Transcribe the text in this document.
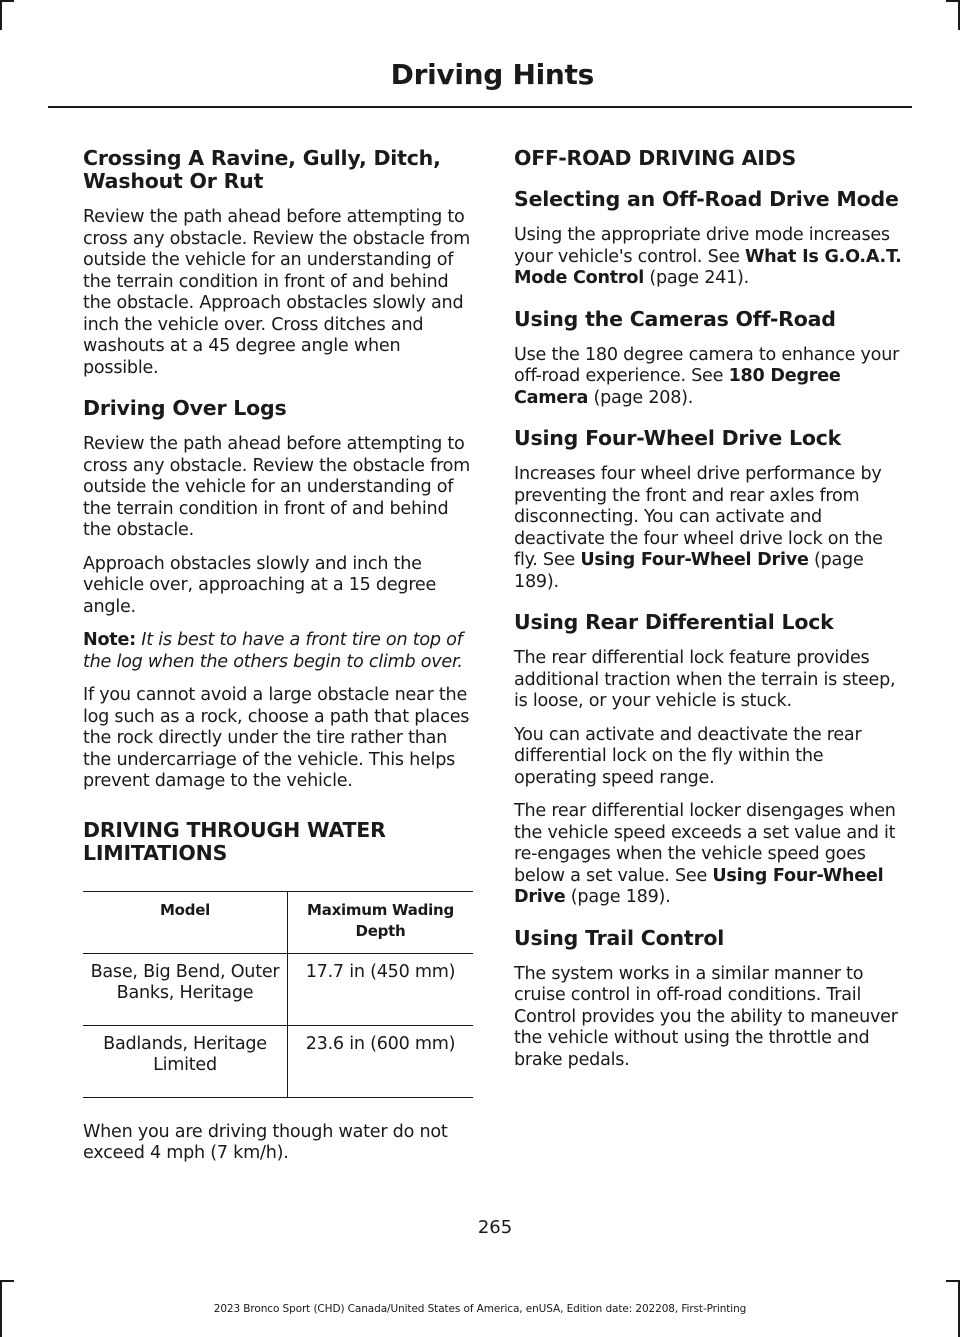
Driving Hints
Crossing A Ravine, Gully, Ditch, Washout Or Rut

Review the path ahead before attempting to cross any obstacle. Review the obstacle from outside the vehicle for an understanding of the terrain condition in front of and behind the obstacle. Approach obstacles slowly and inch the vehicle over. Cross ditches and washouts at a 45 degree angle when possible.

Driving Over Logs

Review the path ahead before attempting to cross any obstacle. Review the obstacle from outside the vehicle for an understanding of the terrain condition in front of and behind the obstacle.

Approach obstacles slowly and inch the vehicle over, approaching at a 15 degree angle.

Note: It is best to have a front tire on top of the log when the others begin to climb over.

If you cannot avoid a large obstacle near the log such as a rock, choose a path that places the rock directly under the tire rather than the undercarriage of the vehicle. This helps prevent damage to the vehicle.

DRIVING THROUGH WATER LIMITATIONS
Model	Maximum Wading Depth
Base, Big Bend, Outer Banks, Heritage	17.7 in (450 mm)
Badlands, Heritage Limited	23.6 in (600 mm)

When you are driving though water do not exceed 4 mph (7 km/h).

OFF-ROAD DRIVING AIDS
Selecting an Off-Road Drive Mode

Using the appropriate drive mode increases your vehicle's control. See What Is G.O.A.T. Mode Control (page 241).

Using the Cameras Off-Road

Use the 180 degree camera to enhance your off-road experience. See 180 Degree Camera (page 208).

Using Four-Wheel Drive Lock

Increases four wheel drive performance by preventing the front and rear axles from disconnecting. You can activate and deactivate the four wheel drive lock on the fly. See Using Four-Wheel Drive (page 189).

Using Rear Differential Lock

The rear differential lock feature provides additional traction when the terrain is steep, is loose, or your vehicle is stuck.

You can activate and deactivate the rear differential lock on the fly within the operating speed range.

The rear differential locker disengages when the vehicle speed exceeds a set value and it re-engages when the vehicle speed goes below a set value. See Using Four-Wheel Drive (page 189).

Using Trail Control

The system works in a similar manner to cruise control in off-road conditions. Trail Control provides you the ability to maneuver the vehicle without using the throttle and brake pedals.

265
2023 Bronco Sport (CHD) Canada/United States of America, enUSA, Edition date: 202208, First-Printing
